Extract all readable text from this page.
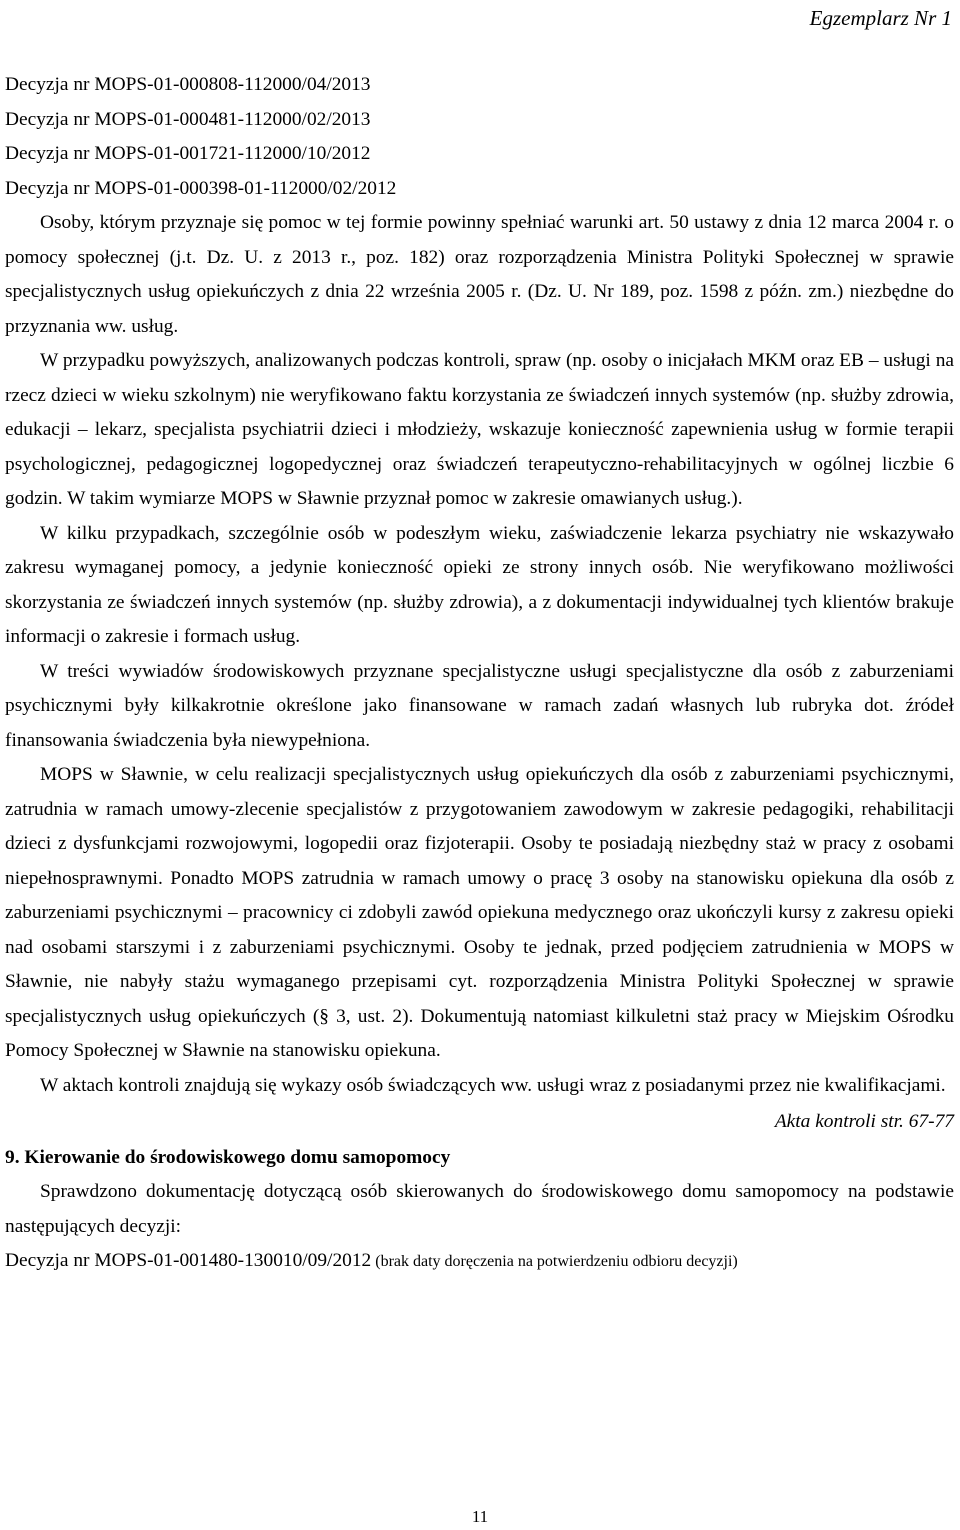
Egzemplarz Nr 1

Decyzja nr MOPS-01-000808-112000/04/2013

Decyzja nr MOPS-01-000481-112000/02/2013

Decyzja nr MOPS-01-001721-112000/10/2012

Decyzja nr MOPS-01-000398-01-112000/02/2012

Osoby, którym przyznaje się pomoc w tej formie powinny spełniać warunki art. 50 ustawy z dnia 12 marca 2004 r. o pomocy społecznej (j.t. Dz. U. z 2013 r., poz. 182) oraz rozporządzenia Ministra Polityki Społecznej w sprawie specjalistycznych usług opiekuńczych z dnia 22 września 2005 r. (Dz. U. Nr 189, poz. 1598 z późn. zm.) niezbędne do przyznania ww. usług.

W przypadku powyższych, analizowanych podczas kontroli, spraw (np. osoby o inicjałach MKM oraz EB – usługi na rzecz dzieci w wieku szkolnym) nie weryfikowano faktu korzystania ze świadczeń innych systemów (np. służby zdrowia, edukacji – lekarz, specjalista psychiatrii dzieci i młodzieży, wskazuje konieczność zapewnienia usług w formie terapii psychologicznej, pedagogicznej logopedycznej oraz świadczeń terapeutyczno-rehabilitacyjnych w ogólnej liczbie 6 godzin. W takim wymiarze MOPS w Sławnie przyznał pomoc w zakresie omawianych usług.).

W kilku przypadkach, szczególnie osób w podeszłym wieku, zaświadczenie lekarza psychiatry nie wskazywało zakresu wymaganej pomocy, a jedynie konieczność opieki ze strony innych osób. Nie weryfikowano możliwości skorzystania ze świadczeń innych systemów (np. służby zdrowia), a z dokumentacji indywidualnej tych klientów brakuje informacji o zakresie i formach usług.

W treści wywiadów środowiskowych przyznane specjalistyczne usługi specjalistyczne dla osób z zaburzeniami psychicznymi były kilkakrotnie określone jako finansowane w ramach zadań własnych lub rubryka dot. źródeł finansowania świadczenia była niewypełniona.

MOPS w Sławnie, w celu realizacji specjalistycznych usług opiekuńczych dla osób z zaburzeniami psychicznymi, zatrudnia w ramach umowy-zlecenie specjalistów z przygotowaniem zawodowym w zakresie pedagogiki, rehabilitacji dzieci z dysfunkcjami rozwojowymi, logopedii oraz fizjoterapii. Osoby te posiadają niezbędny staż w pracy z osobami niepełnosprawnymi. Ponadto MOPS zatrudnia w ramach umowy o pracę 3 osoby na stanowisku opiekuna dla osób z zaburzeniami psychicznymi – pracownicy ci zdobyli zawód opiekuna medycznego oraz ukończyli kursy z zakresu opieki nad osobami starszymi i z zaburzeniami psychicznymi. Osoby te jednak, przed podjęciem zatrudnienia w MOPS w Sławnie, nie nabyły stażu wymaganego przepisami cyt. rozporządzenia Ministra Polityki Społecznej w sprawie specjalistycznych usług opiekuńczych (§ 3, ust. 2). Dokumentują natomiast kilkuletni staż pracy w Miejskim Ośrodku Pomocy Społecznej w Sławnie na stanowisku opiekuna.

W aktach kontroli znajdują się wykazy osób świadczących ww. usługi wraz z posiadanymi przez nie kwalifikacjami.

Akta kontroli str. 67-77

9. Kierowanie do środowiskowego domu samopomocy

Sprawdzono dokumentację dotyczącą osób skierowanych do środowiskowego domu samopomocy na podstawie następujących decyzji:

Decyzja nr MOPS-01-001480-130010/09/2012 (brak daty doręczenia na potwierdzeniu odbioru decyzji)

11
